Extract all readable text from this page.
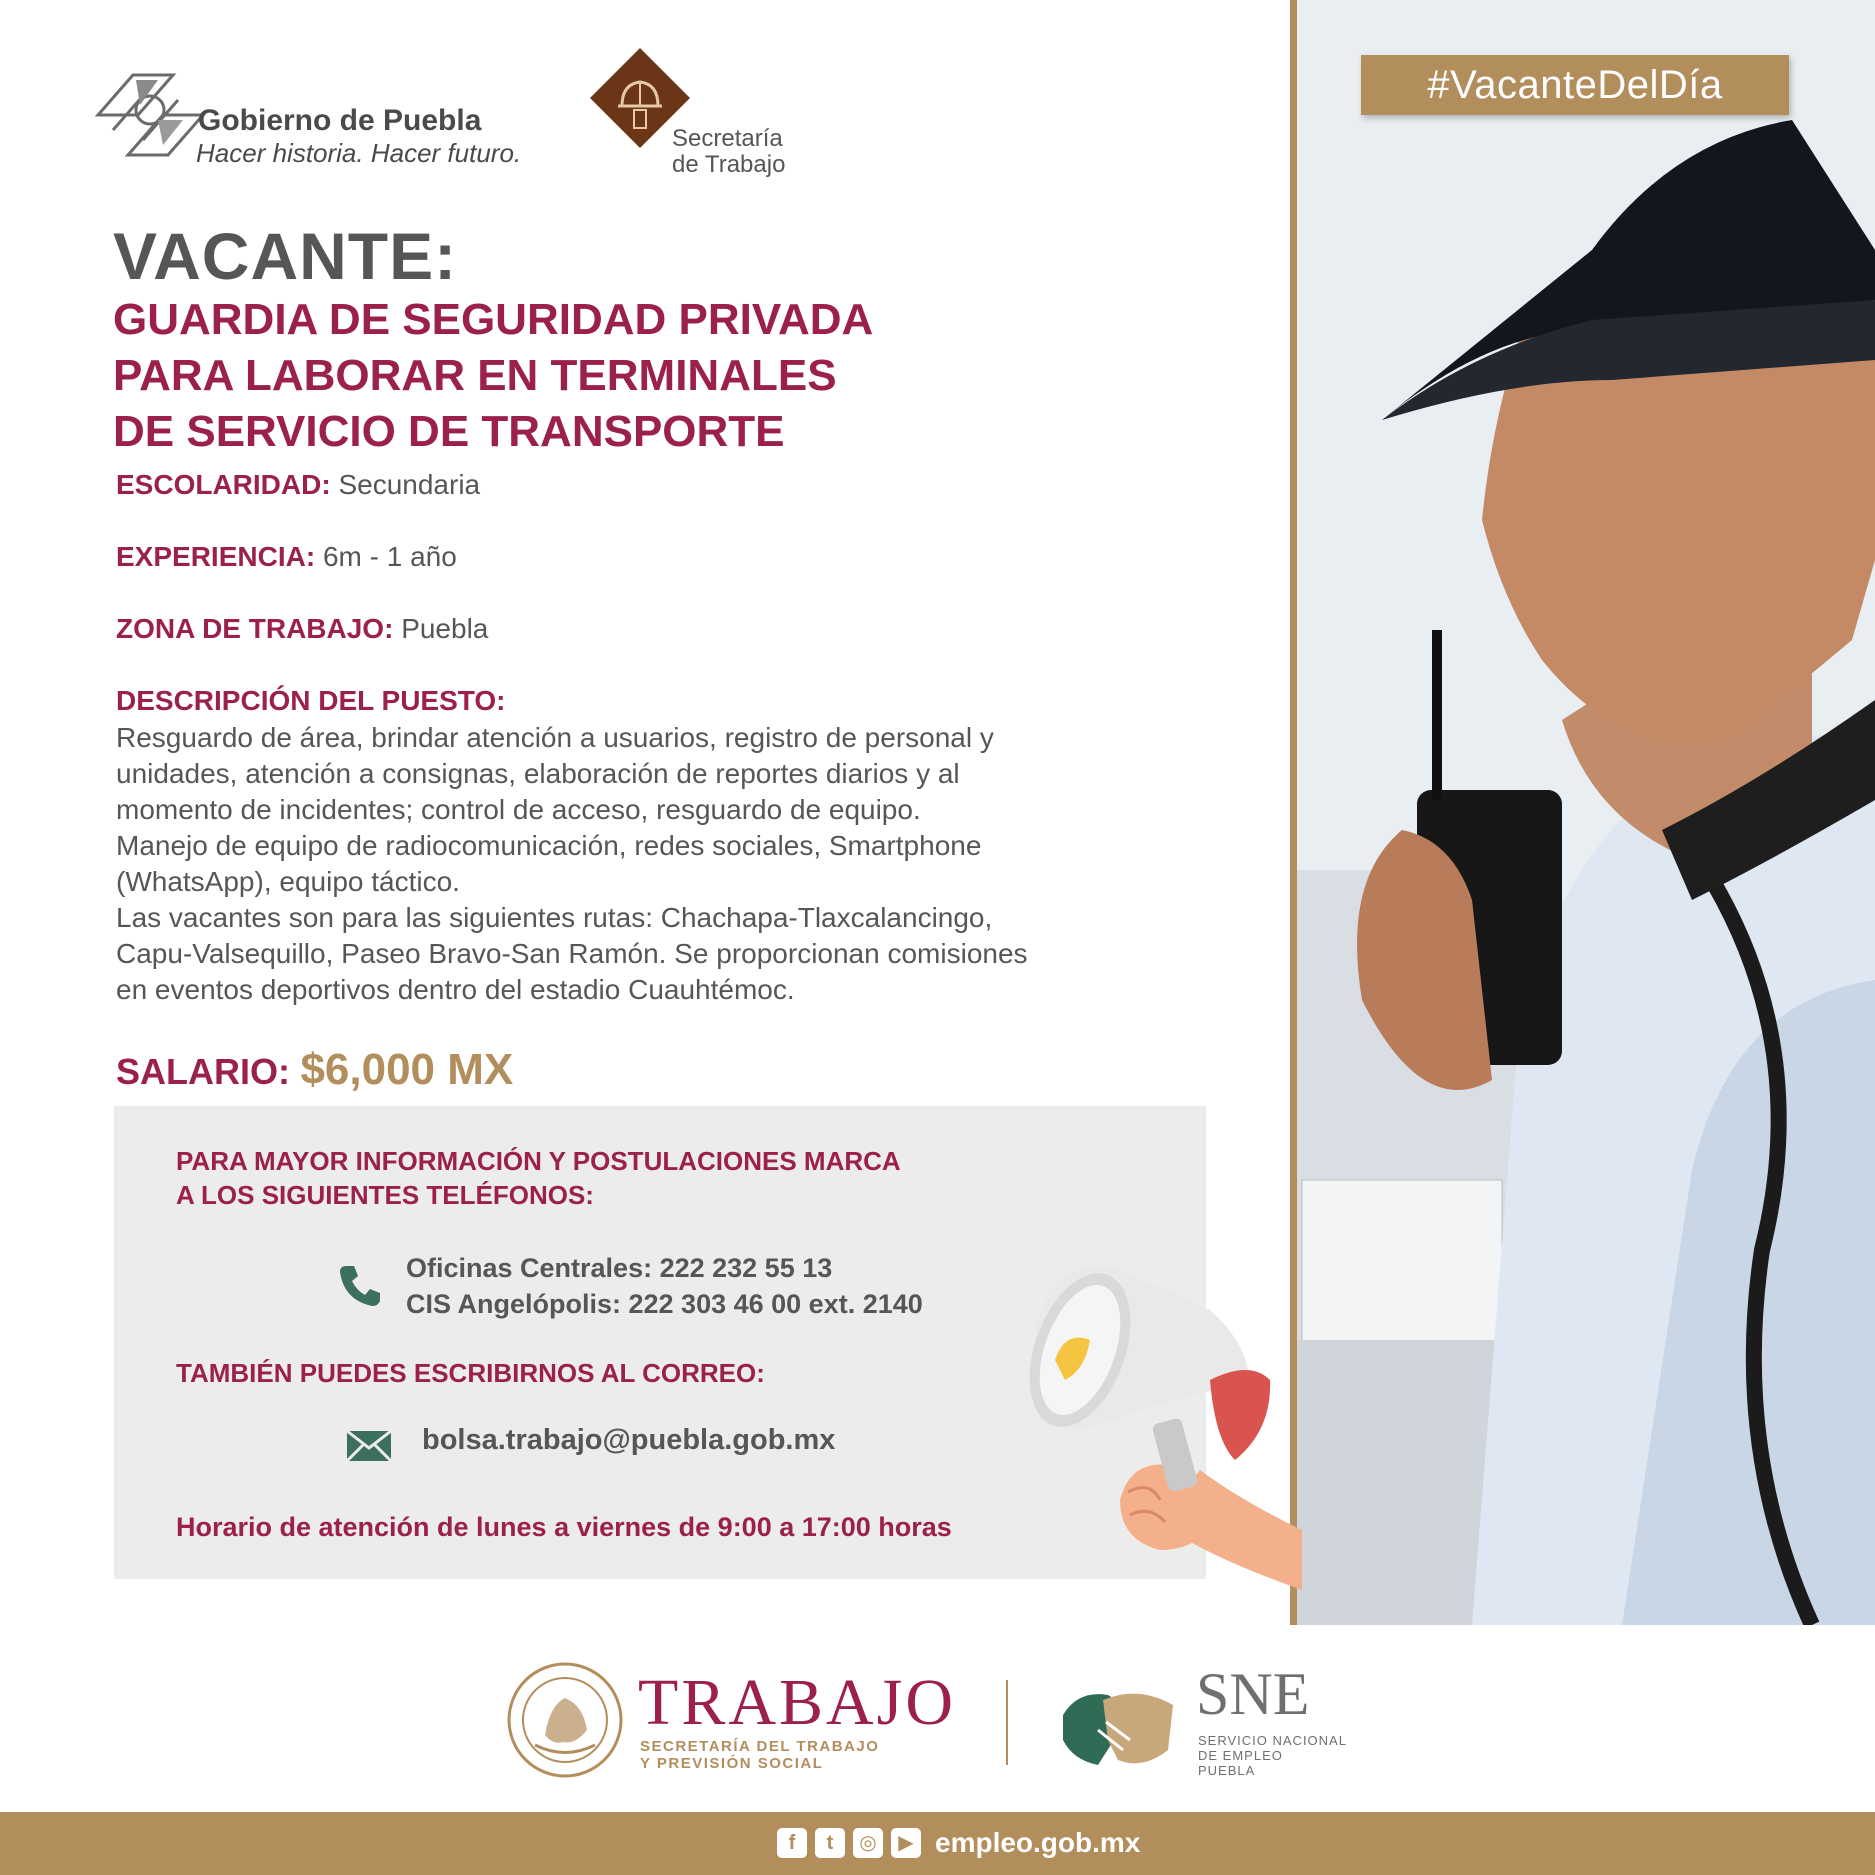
Gobierno de Puebla
Hacer historia. Hacer futuro.	Secretaría
de Trabajo
#VacanteDelDía
VACANTE:
GUARDIA DE SEGURIDAD PRIVADA
PARA LABORAR EN TERMINALES
DE SERVICIO DE TRANSPORTE
ESCOLARIDAD: Secundaria
EXPERIENCIA: 6m - 1 año
ZONA DE TRABAJO: Puebla
DESCRIPCIÓN DEL PUESTO:
Resguardo de área, brindar atención a usuarios, registro de personal y
unidades, atención a consignas, elaboración de reportes diarios y al
momento de incidentes; control de acceso, resguardo de equipo.
Manejo de equipo de radiocomunicación, redes sociales, Smartphone
(WhatsApp), equipo táctico.
Las vacantes son para las siguientes rutas: Chachapa-Tlaxcalancingo,
Capu-Valsequillo, Paseo Bravo-San Ramón. Se proporcionan comisiones
en eventos deportivos dentro del estadio Cuauhtémoc.
SALARIO: $6,000 MX
PARA MAYOR INFORMACIÓN Y POSTULACIONES MARCA
A LOS SIGUIENTES TELÉFONOS:
Oficinas Centrales: 222 232 55 13
CIS Angelópolis: 222 303 46 00 ext. 2140
TAMBIÉN PUEDES ESCRIBIRNOS AL CORREO:
bolsa.trabajo@puebla.gob.mx
Horario de atención de lunes a viernes de 9:00 a 17:00 horas
TRABAJO
SECRETARÍA DEL TRABAJO
Y PREVISIÓN SOCIAL
SNE
SERVICIO NACIONAL
DE EMPLEO
PUEBLA
f	t	◎	▶ empleo.gob.mx
